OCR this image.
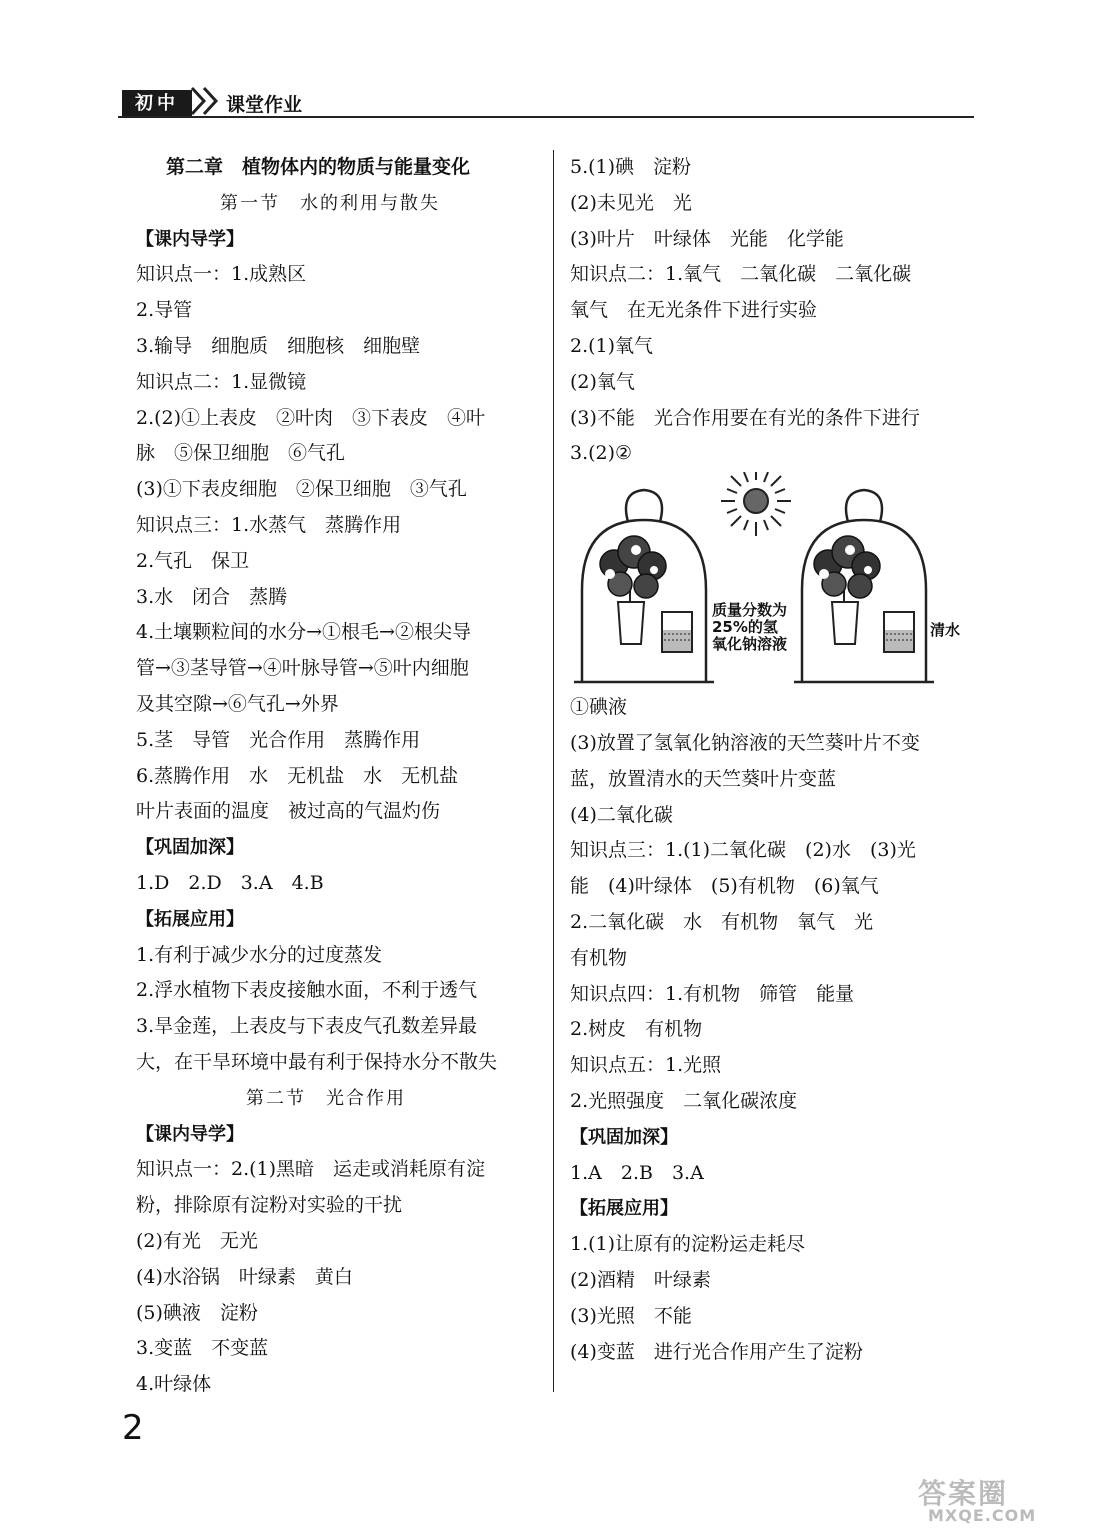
初中	课堂作业
第二章　植物体内的物质与能量变化
第一节　水的利用与散失
【课内导学】
知识点一：1.成熟区
2.导管
3.输导　细胞质　细胞核　细胞壁
知识点二：1.显微镜
2.(2)①上表皮　②叶肉　③下表皮　④叶
脉　⑤保卫细胞　⑥气孔
(3)①下表皮细胞　②保卫细胞　③气孔
知识点三：1.水蒸气　蒸腾作用
2.气孔　保卫
3.水　闭合　蒸腾
4.土壤颗粒间的水分→①根毛→②根尖导
管→③茎导管→④叶脉导管→⑤叶内细胞
及其空隙→⑥气孔→外界
5.茎　导管　光合作用　蒸腾作用
6.蒸腾作用　水　无机盐　水　无机盐
叶片表面的温度　被过高的气温灼伤
【巩固加深】
1.D　2.D　3.A　4.B
【拓展应用】
1.有利于减少水分的过度蒸发
2.浮水植物下表皮接触水面，不利于透气
3.旱金莲，上表皮与下表皮气孔数差异最
大，在干旱环境中最有利于保持水分不散失
第二节　光合作用
【课内导学】
知识点一：2.(1)黑暗　运走或消耗原有淀
粉，排除原有淀粉对实验的干扰
(2)有光　无光
(4)水浴锅　叶绿素　黄白
(5)碘液　淀粉
3.变蓝　不变蓝
4.叶绿体
5.(1)碘　淀粉
(2)未见光　光
(3)叶片　叶绿体　光能　化学能
知识点二：1.氧气　二氧化碳　二氧化碳
氧气　在无光条件下进行实验
2.(1)氧气
(2)氧气
(3)不能　光合作用要在有光的条件下进行
3.(2)②
质量分数为25%的氢氧化钠溶液
清水
①碘液
(3)放置了氢氧化钠溶液的天竺葵叶片不变
蓝，放置清水的天竺葵叶片变蓝
(4)二氧化碳
知识点三：1.(1)二氧化碳　(2)水　(3)光
能　(4)叶绿体　(5)有机物　(6)氧气
2.二氧化碳　水　有机物　氧气　光
有机物
知识点四：1.有机物　筛管　能量
2.树皮　有机物
知识点五：1.光照
2.光照强度　二氧化碳浓度
【巩固加深】
1.A　2.B　3.A
【拓展应用】
1.(1)让原有的淀粉运走耗尽
(2)酒精　叶绿素
(3)光照　不能
(4)变蓝　进行光合作用产生了淀粉
2
答案圈
MXQE.COM
